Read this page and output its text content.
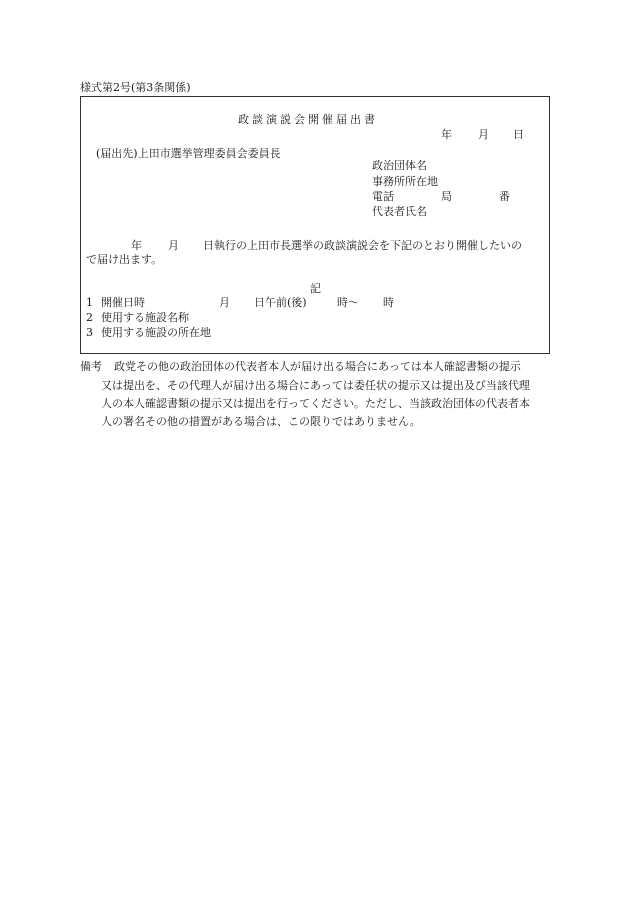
様式第2号(第3条関係)
政談演説会開催届出書
年 月 日
(届出先)上田市選挙管理委員会委員長
政治団体名
事務所所在地
電話	局	番
代表者氏名
年 月 日執行の上田市長選挙の政談演説会を下記のとおり開催したいの
で届け出ます。
記
1 開催日時	月 日午前(後)	時〜 時
2 使用する施設名称
3 使用する施設の所在地
備考 政党その他の政治団体の代表者本人が届け出る場合にあっては本人確認書類の提示
又は提出を、その代理人が届け出る場合にあっては委任状の提示又は提出及び当該代理
人の本人確認書類の提示又は提出を行ってください。ただし、当該政治団体の代表者本
人の署名その他の措置がある場合は、この限りではありません。
